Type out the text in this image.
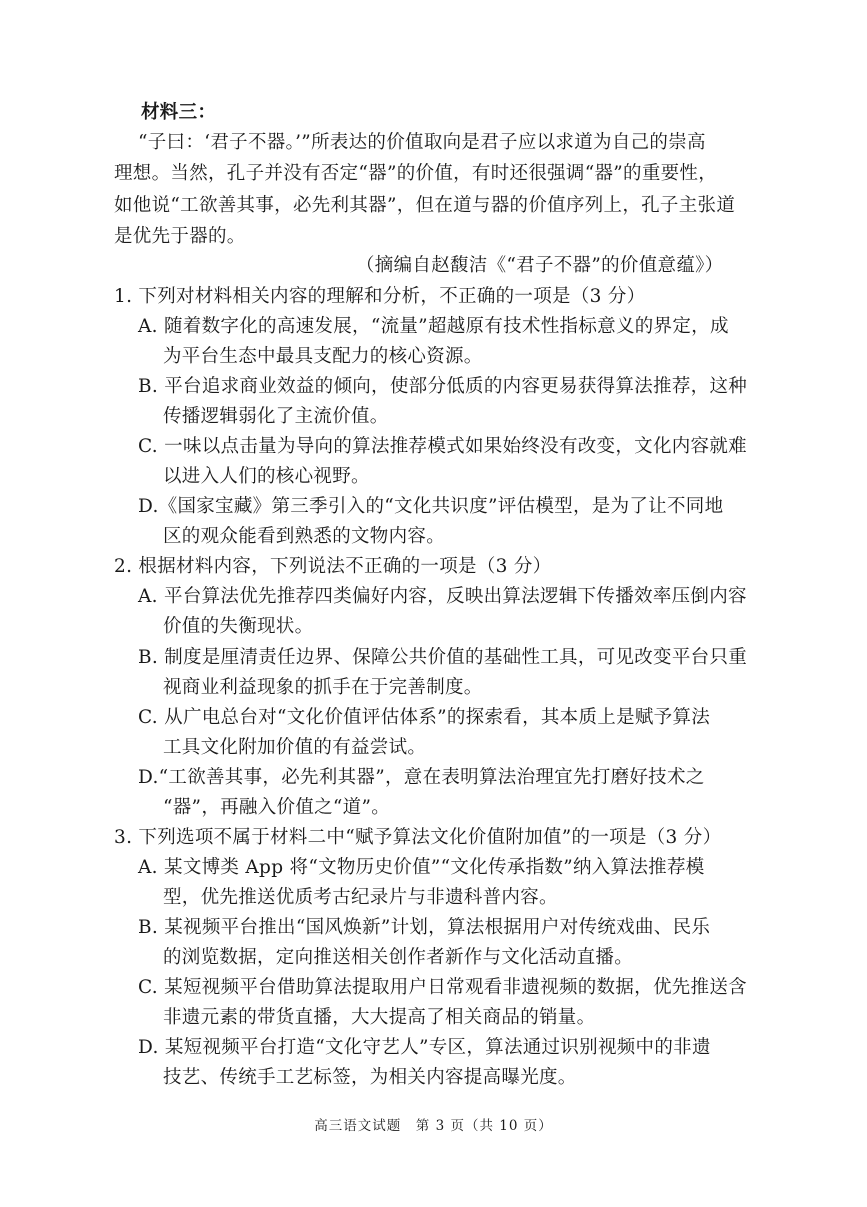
材料三：
“子曰：‘君子不器。’”所表达的价值取向是君子应以求道为自己的崇高
理想。当然，孔子并没有否定“器”的价值，有时还很强调“器”的重要性，
如他说“工欲善其事，必先利其器”，但在道与器的价值序列上，孔子主张道
是优先于器的。
（摘编自赵馥洁《“君子不器”的价值意蕴》）
1. 下列对材料相关内容的理解和分析，不正确的一项是（3 分）
A. 随着数字化的高速发展，“流量”超越原有技术性指标意义的界定，成
为平台生态中最具支配力的核心资源。
B. 平台追求商业效益的倾向，使部分低质的内容更易获得算法推荐，这种
传播逻辑弱化了主流价值。
C. 一味以点击量为导向的算法推荐模式如果始终没有改变，文化内容就难
以进入人们的核心视野。
D.《国家宝藏》第三季引入的“文化共识度”评估模型，是为了让不同地
区的观众能看到熟悉的文物内容。
2. 根据材料内容，下列说法不正确的一项是（3 分）
A. 平台算法优先推荐四类偏好内容，反映出算法逻辑下传播效率压倒内容
价值的失衡现状。
B. 制度是厘清责任边界、保障公共价值的基础性工具，可见改变平台只重
视商业利益现象的抓手在于完善制度。
C. 从广电总台对“文化价值评估体系”的探索看，其本质上是赋予算法
工具文化附加价值的有益尝试。
D.“工欲善其事，必先利其器”，意在表明算法治理宜先打磨好技术之
“器”，再融入价值之“道”。
3. 下列选项不属于材料二中“赋予算法文化价值附加值”的一项是（3 分）
A. 某文博类 App 将“文物历史价值”“文化传承指数”纳入算法推荐模
型，优先推送优质考古纪录片与非遗科普内容。
B. 某视频平台推出“国风焕新”计划，算法根据用户对传统戏曲、民乐
的浏览数据，定向推送相关创作者新作与文化活动直播。
C. 某短视频平台借助算法提取用户日常观看非遗视频的数据，优先推送含
非遗元素的带货直播，大大提高了相关商品的销量。
D. 某短视频平台打造“文化守艺人”专区，算法通过识别视频中的非遗
技艺、传统手工艺标签，为相关内容提高曝光度。
高三语文试题　第 3 页（共 10 页）
